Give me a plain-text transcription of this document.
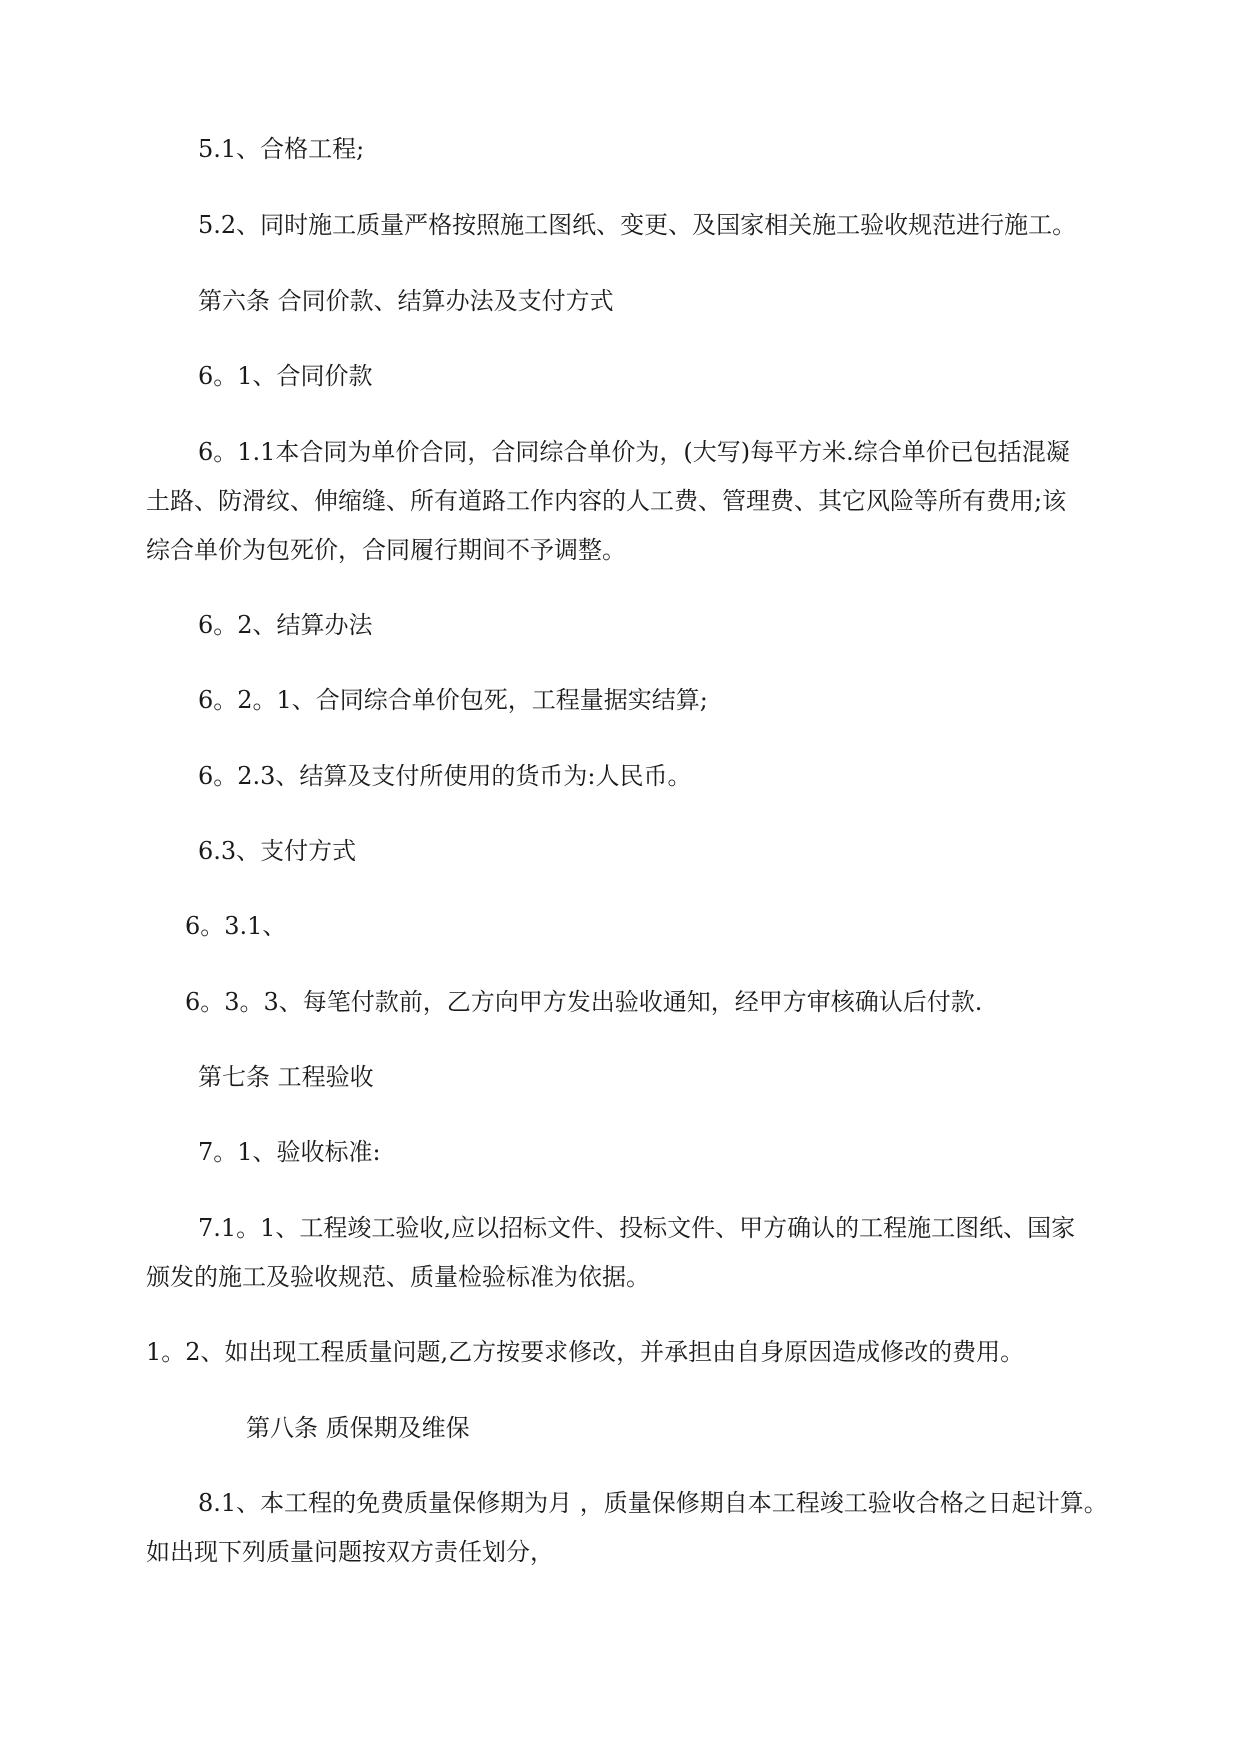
5.1、合格工程;

5.2、同时施工质量严格按照施工图纸、变更、及国家相关施工验收规范进行施工。

第六条 合同价款、结算办法及支付方式

6。1、合同价款

6。1.1本合同为单价合同，合同综合单价为，(大写)每平方米.综合单价已包括混凝

土路、防滑纹、伸缩缝、所有道路工作内容的人工费、管理费、其它风险等所有费用;该

综合单价为包死价，合同履行期间不予调整。

6。2、结算办法

6。2。1、合同综合单价包死，工程量据实结算;

6。2.3、结算及支付所使用的货币为:人民币。

6.3、支付方式

6。3.1、

6。3。3、每笔付款前，乙方向甲方发出验收通知，经甲方审核确认后付款.

第七条 工程验收

7。1、验收标准:

7.1。1、工程竣工验收,应以招标文件、投标文件、甲方确认的工程施工图纸、国家

颁发的施工及验收规范、质量检验标准为依据。

1。2、如出现工程质量问题,乙方按要求修改，并承担由自身原因造成修改的费用。

第八条 质保期及维保

8.1、本工程的免费质量保修期为月 ，质量保修期自本工程竣工验收合格之日起计算。

如出现下列质量问题按双方责任划分，
